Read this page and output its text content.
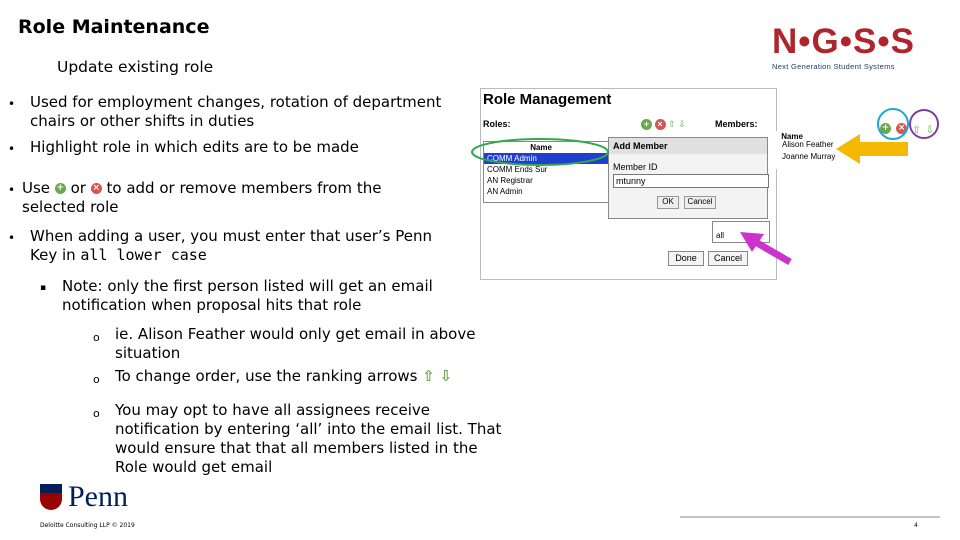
Role Maintenance
Update existing role
N•G•S•S
Next Generation Student Systems
• Used for employment changes, rotation of department chairs or other shifts in duties
• Highlight role in which edits are to be made
• Use + or × to add or remove members from the selected role
• When adding a user, you must enter that user’s Penn Key in all lower case
▪ Note: only the first person listed will get an email notification when proposal hits that role
o ie. Alison Feather would only get email in above situation
o To change order, use the ranking arrows ⇧ ⇩
o You may opt to have all assignees receive notification by entering ‘all’ into the email list. That would ensure that that all members listed in the Role would get email
Role Management
Roles:	Members:
+ × ⇧ ⇩
Name
COMM Admin
COMM Ends Sur
AN Registrar
AN Admin
Name
all
Done	Cancel
Alison Feather
Joanne Murray
+ × ⇧ ⇩
Add Member
Member ID
mtunny
OK	Cancel
Penn
Deloitte Consulting LLP © 2019	4
